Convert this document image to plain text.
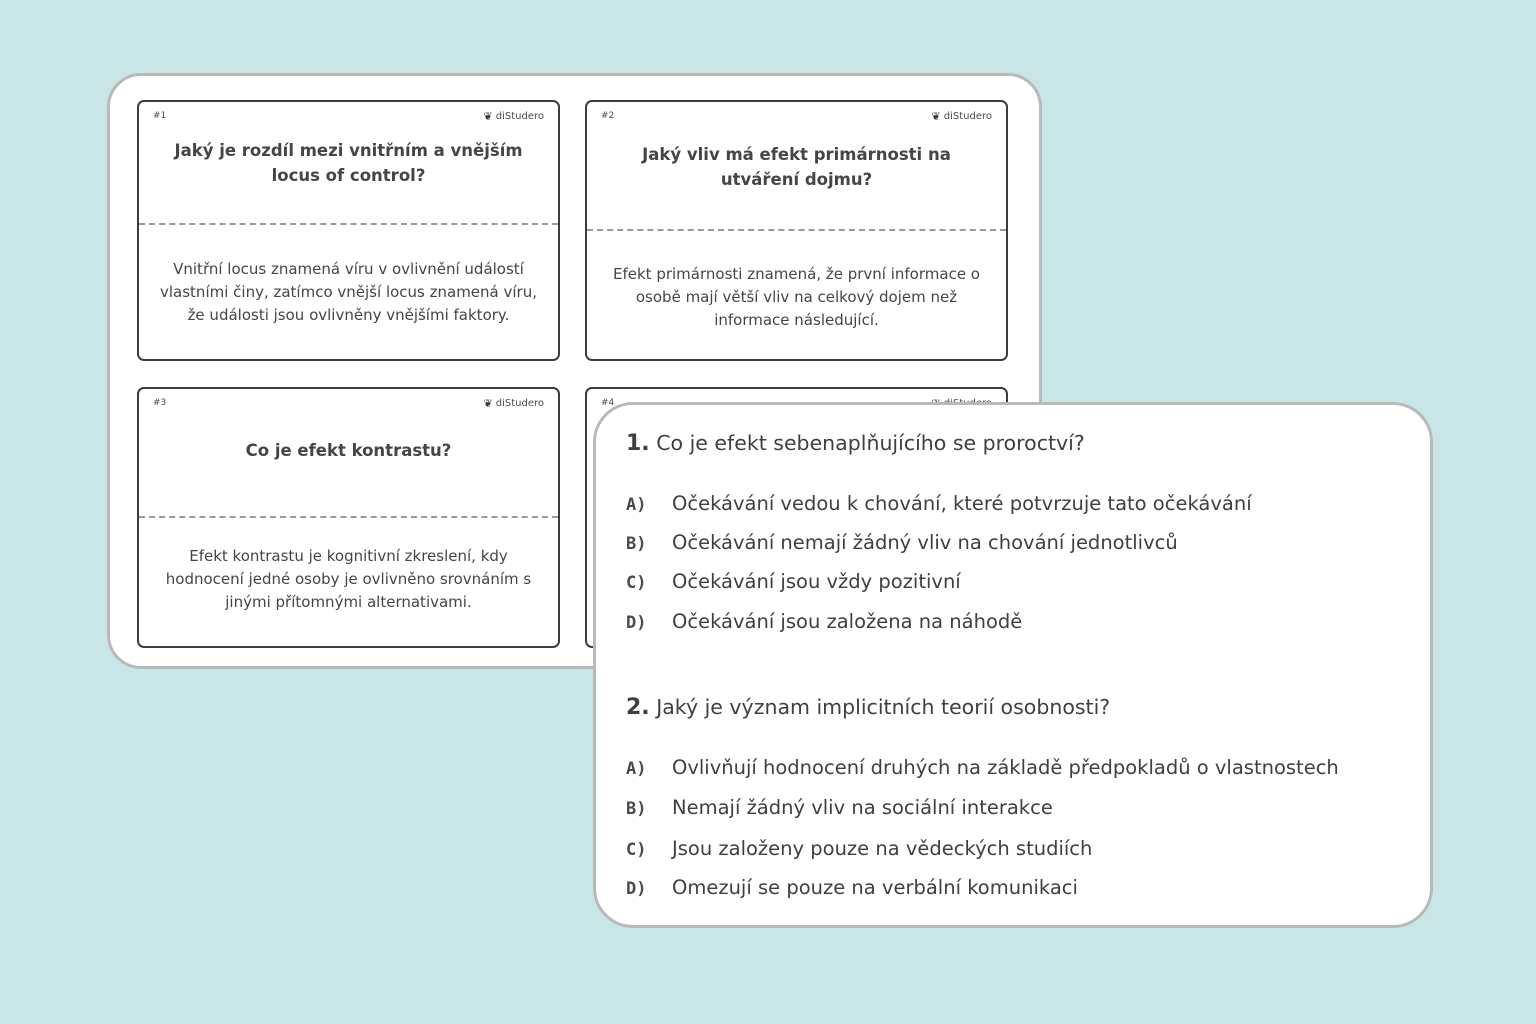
#1	❦ diStudero
Jaký je rozdíl mezi vnitřním a vnějším locus of control?
Vnitřní locus znamená víru v ovlivnění událostí vlastními činy, zatímco vnější locus znamená víru, že události jsou ovlivněny vnějšími faktory.
#2	❦ diStudero
Jaký vliv má efekt primárnosti na utváření dojmu?
Efekt primárnosti znamená, že první informace o osobě mají větší vliv na celkový dojem než informace následující.
#3	❦ diStudero
Co je efekt kontrastu?
Efekt kontrastu je kognitivní zkreslení, kdy hodnocení jedné osoby je ovlivněno srovnáním s jinými přítomnými alternativami.
#4
1. Co je efekt sebenaplňujícího se proroctví?
A)	Očekávání vedou k chování, které potvrzuje tato očekávání
B)	Očekávání nemají žádný vliv na chování jednotlivců
C)	Očekávání jsou vždy pozitivní
D)	Očekávání jsou založena na náhodě
2. Jaký je význam implicitních teorií osobnosti?
A)	Ovlivňují hodnocení druhých na základě předpokladů o vlastnostech
B)	Nemají žádný vliv na sociální interakce
C)	Jsou založeny pouze na vědeckých studiích
D)	Omezují se pouze na verbální komunikaci
